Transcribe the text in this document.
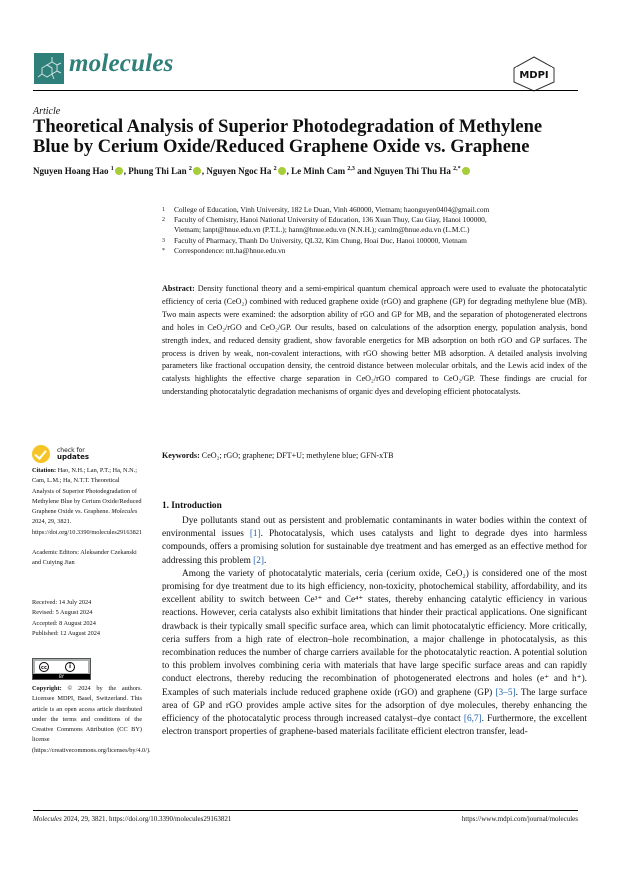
molecules	MDPI
Article
Theoretical Analysis of Superior Photodegradation of Methylene Blue by Cerium Oxide/Reduced Graphene Oxide vs. Graphene
Nguyen Hoang Hao $^1$ , Phung Thi Lan $^2$ , Nguyen Ngoc Ha $^2$ , Le Minh Cam $^{2,3}$ and Nguyen Thi Thu Ha $^{2,*}$
1	College of Education, Vinh University, 182 Le Duan, Vinh 460000, Vietnam; haonguyen0404@gmail.com
2	Faculty of Chemistry, Hanoi National University of Education, 136 Xuan Thuy, Cau Giay, Hanoi 100000, Vietnam; lanpt@hnue.edu.vn (P.T.L.); hann@hnue.edu.vn (N.N.H.); camlm@hnue.edu.vn (L.M.C.)
3	Faculty of Pharmacy, Thanh Do University, QL32, Kim Chung, Hoai Duc, Hanoi 100000, Vietnam
*	Correspondence: ntt.ha@hnue.edu.vn
Abstract: Density functional theory and a semi-empirical quantum chemical approach were used to evaluate the photocatalytic efficiency of ceria (CeO₂) combined with reduced graphene oxide (rGO) and graphene (GP) for degrading methylene blue (MB). Two main aspects were examined: the adsorption ability of rGO and GP for MB, and the separation of photogenerated electrons and holes in CeO₂/rGO and CeO₂/GP. Our results, based on calculations of the adsorption energy, population analysis, bond strength index, and reduced density gradient, show favorable energetics for MB adsorption on both rGO and GP surfaces. The process is driven by weak, non-covalent interactions, with rGO showing better MB adsorption. A detailed analysis involving parameters like fractional occupation density, the centroid distance between molecular orbitals, and the Lewis acid index of the catalysts highlights the effective charge separation in CeO₂/rGO compared to CeO₂/GP. These findings are crucial for understanding photocatalytic degradation mechanisms of organic dyes and developing efficient photocatalysts.
Keywords: CeO₂; rGO; graphene; DFT+U; methylene blue; GFN-xTB
check for
updates
Citation: Hao, N.H.; Lan, P.T.; Ha, N.N.; Cam, L.M.; Ha, N.T.T. Theoretical Analysis of Superior Photodegradation of Methylene Blue by Cerium Oxide/Reduced Graphene Oxide vs. Graphene. Molecules 2024, 29, 3821. https://doi.org/10.3390/molecules29163821
Academic Editors: Aleksander Czekanski and Cuiying Jian
Received: 14 July 2024
Revised: 5 August 2024
Accepted: 8 August 2024
Published: 12 August 2024
cc	i
BY
Copyright: © 2024 by the authors. Licensee MDPI, Basel, Switzerland. This article is an open access article distributed under the terms and conditions of the Creative Commons Attribution (CC BY) license (https://creativecommons.org/licenses/by/4.0/).
1. Introduction

Dye pollutants stand out as persistent and problematic contaminants in water bodies within the context of environmental issues [1]. Photocatalysis, which uses catalysts and light to degrade dyes into harmless compounds, offers a promising solution for sustainable dye treatment and has emerged as an effective method for addressing this problem [2].

Among the variety of photocatalytic materials, ceria (cerium oxide, CeO₂) is considered one of the most promising for dye treatment due to its high efficiency, non-toxicity, photochemical stability, affordability, and its excellent ability to switch between Ce³⁺ and Ce⁴⁺ states, thereby enhancing catalytic efficiency in various reactions. However, ceria catalysts also exhibit limitations that hinder their practical applications. One significant drawback is their typically small specific surface area, which can limit photocatalytic efficiency. More critically, ceria suffers from a high rate of electron–hole recombination, a major challenge in photocatalysis, as this recombination reduces the number of charge carriers available for the photocatalytic reaction. A potential solution to this problem involves combining ceria with materials that have large specific surface areas and can rapidly conduct electrons, thereby reducing the recombination of photogenerated electrons and holes (e⁺ and h⁺). Examples of such materials include reduced graphene oxide (rGO) and graphene (GP) [3–5]. The large surface area of GP and rGO provides ample active sites for the adsorption of dye molecules, thereby enhancing the efficiency of the photocatalytic process through increased catalyst–dye contact [6,7]. Furthermore, the excellent electron transport properties of graphene-based materials facilitate efficient electron transfer, lead-

Molecules 2024, 29, 3821. https://doi.org/10.3390/molecules29163821	https://www.mdpi.com/journal/molecules
